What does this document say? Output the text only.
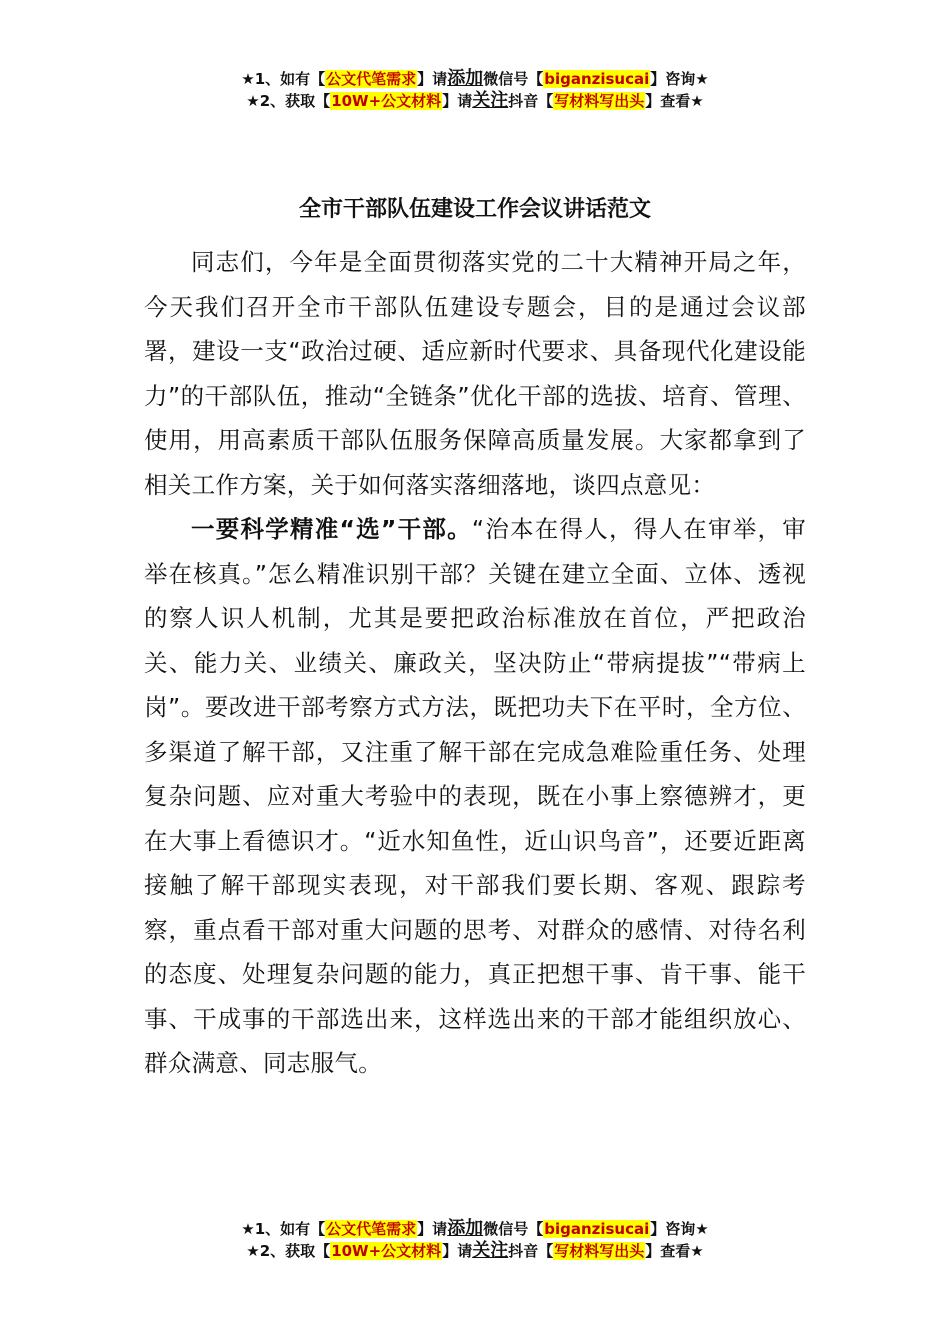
★1、如有【公文代笔需求】请添加微信号【biganzisucai】咨询★
★2、获取【10W+公文材料】请关注抖音【写材料写出头】查看★
全市干部队伍建设工作会议讲话范文

同志们，今年是全面贯彻落实党的二十大精神开局之年，今天我们召开全市干部队伍建设专题会，目的是通过会议部署，建设一支“政治过硬、适应新时代要求、具备现代化建设能力”的干部队伍，推动“全链条”优化干部的选拔、培育、管理、使用，用高素质干部队伍服务保障高质量发展。大家都拿到了相关工作方案，关于如何落实落细落地，谈四点意见：

一要科学精准“选”干部。“治本在得人，得人在审举，审举在核真。”怎么精准识别干部？关键在建立全面、立体、透视的察人识人机制，尤其是要把政治标准放在首位，严把政治关、能力关、业绩关、廉政关，坚决防止“带病提拔”“带病上岗”。要改进干部考察方式方法，既把功夫下在平时，全方位、多渠道了解干部，又注重了解干部在完成急难险重任务、处理复杂问题、应对重大考验中的表现，既在小事上察德辨才，更在大事上看德识才。“近水知鱼性，近山识鸟音”，还要近距离接触了解干部现实表现，对干部我们要长期、客观、跟踪考察，重点看干部对重大问题的思考、对群众的感情、对待名利的态度、处理复杂问题的能力，真正把想干事、肯干事、能干事、干成事的干部选出来，这样选出来的干部才能组织放心、群众满意、同志服气。

★1、如有【公文代笔需求】请添加微信号【biganzisucai】咨询★
★2、获取【10W+公文材料】请关注抖音【写材料写出头】查看★
